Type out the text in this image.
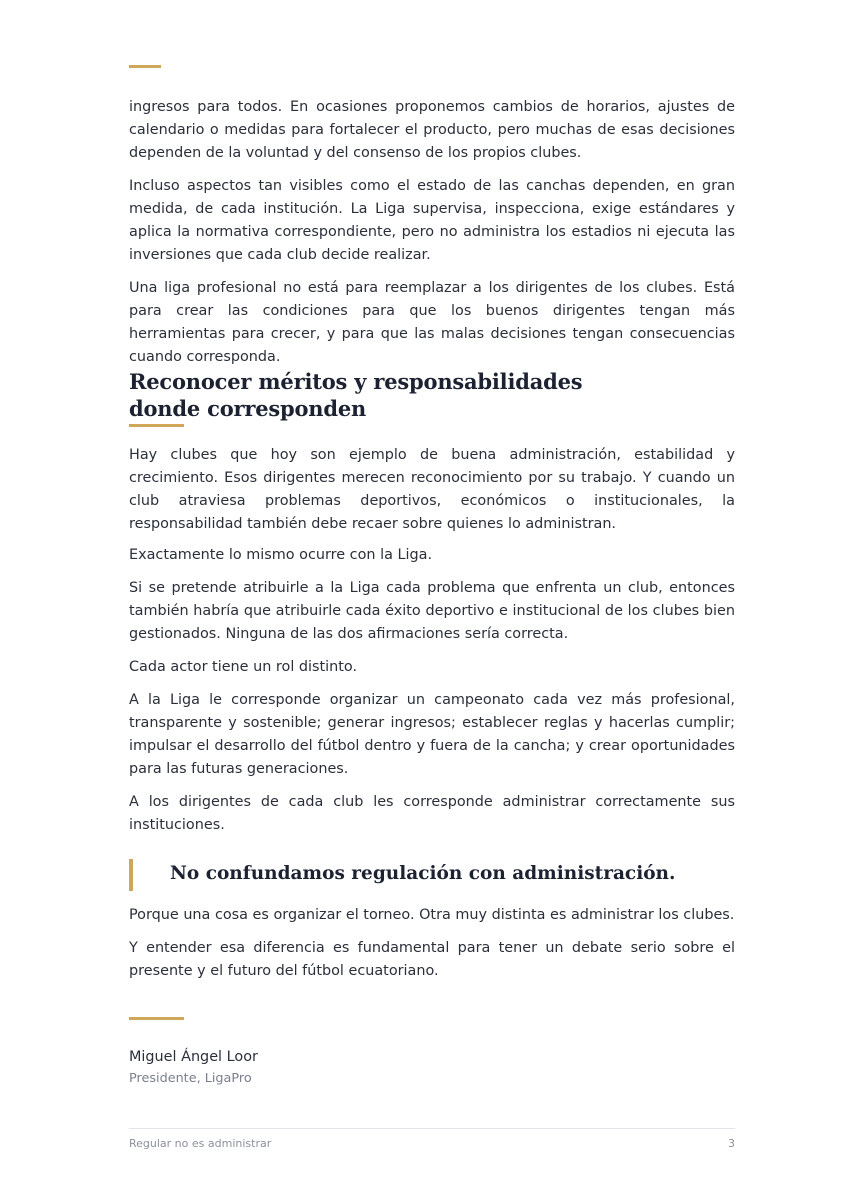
ingresos para todos. En ocasiones proponemos cambios de horarios, ajustes de calendario o medidas para fortalecer el producto, pero muchas de esas decisiones dependen de la voluntad y del consenso de los propios clubes.

Incluso aspectos tan visibles como el estado de las canchas dependen, en gran medida, de cada institución. La Liga supervisa, inspecciona, exige estándares y aplica la normativa correspondiente, pero no administra los estadios ni ejecuta las inversiones que cada club decide realizar.

Una liga profesional no está para reemplazar a los dirigentes de los clubes. Está para crear las condiciones para que los buenos dirigentes tengan más herramientas para crecer, y para que las malas decisiones tengan consecuencias cuando corresponda.

Reconocer méritos y responsabilidades donde corresponden

Hay clubes que hoy son ejemplo de buena administración, estabilidad y crecimiento. Esos dirigentes merecen reconocimiento por su trabajo. Y cuando un club atraviesa problemas deportivos, económicos o institucionales, la responsabilidad también debe recaer sobre quienes lo administran.

Exactamente lo mismo ocurre con la Liga.

Si se pretende atribuirle a la Liga cada problema que enfrenta un club, entonces también habría que atribuirle cada éxito deportivo e institucional de los clubes bien gestionados. Ninguna de las dos afirmaciones sería correcta.

Cada actor tiene un rol distinto.

A la Liga le corresponde organizar un campeonato cada vez más profesional, transparente y sostenible; generar ingresos; establecer reglas y hacerlas cumplir; impulsar el desarrollo del fútbol dentro y fuera de la cancha; y crear oportunidades para las futuras generaciones.

A los dirigentes de cada club les corresponde administrar correctamente sus instituciones.

No confundamos regulación con administración.

Porque una cosa es organizar el torneo. Otra muy distinta es administrar los clubes.

Y entender esa diferencia es fundamental para tener un debate serio sobre el presente y el futuro del fútbol ecuatoriano.

Miguel Ángel Loor
Presidente, LigaPro
Regular no es administrar	3
